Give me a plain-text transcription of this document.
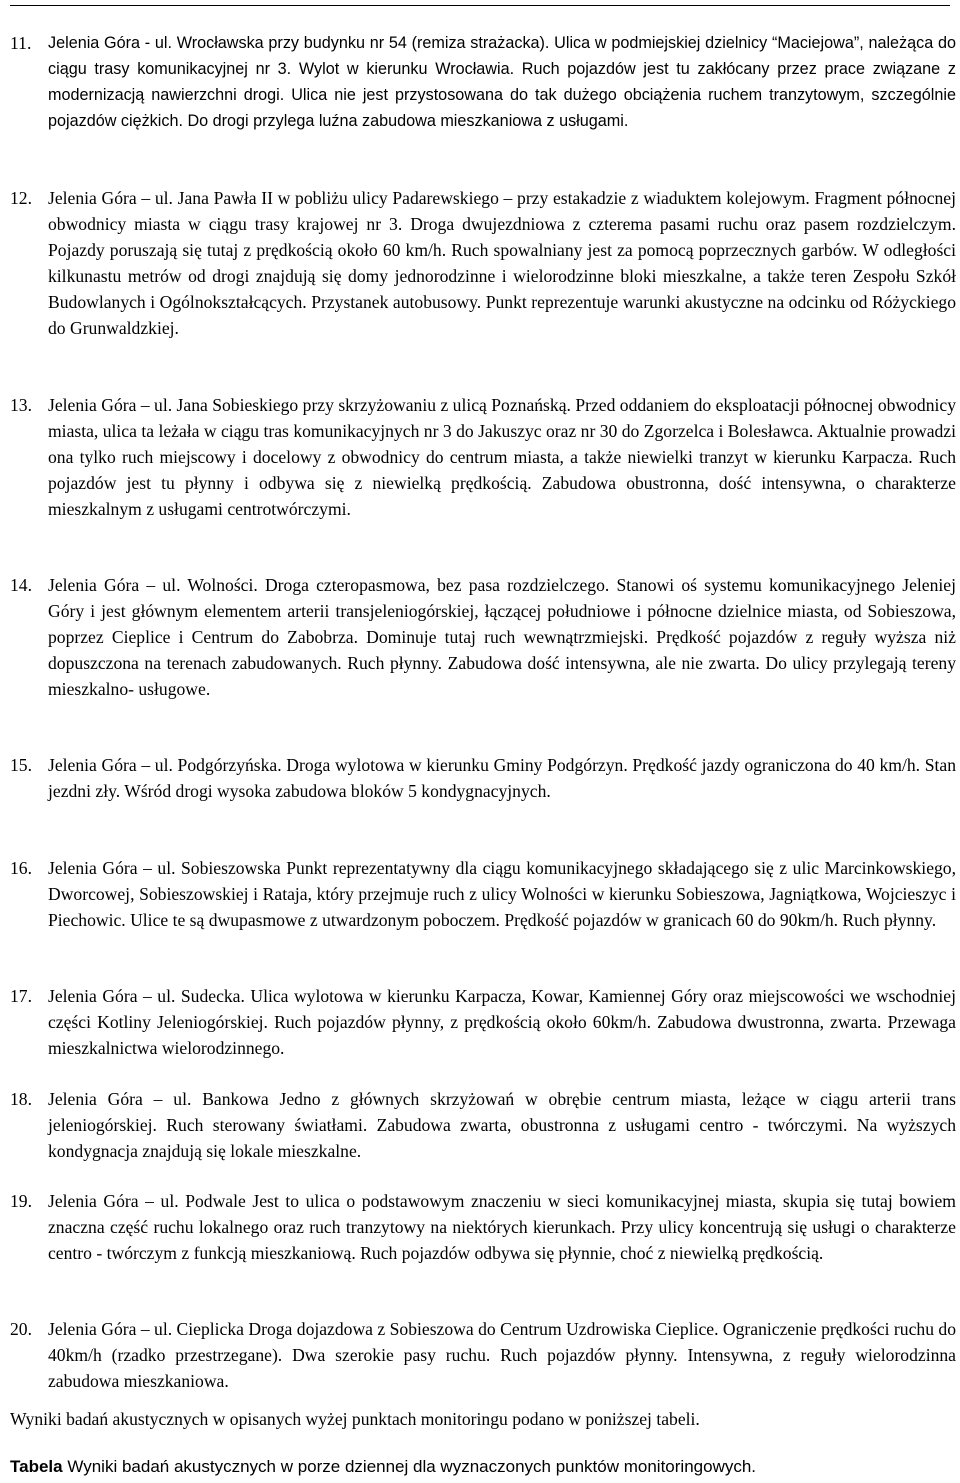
11.	Jelenia Góra - ul. Wrocławska przy budynku nr 54 (remiza strażacka). Ulica w podmiejskiej dzielnicy “Maciejowa”, należąca do ciągu trasy komunikacyjnej nr 3. Wylot w kierunku Wrocławia. Ruch pojazdów jest tu zakłócany przez prace związane z modernizacją nawierzchni drogi. Ulica nie jest przystosowana do tak dużego obciążenia ruchem tranzytowym, szczególnie pojazdów ciężkich. Do drogi przylega luźna zabudowa mieszkaniowa z usługami.
12. Jelenia Góra – ul. Jana Pawła II w pobliżu ulicy Padarewskiego – przy estakadzie z wiaduktem kolejowym. Fragment północnej obwodnicy miasta w ciągu trasy krajowej nr 3. Droga dwujezdniowa z czterema pasami ruchu oraz pasem rozdzielczym. Pojazdy poruszają się tutaj z prędkością około 60 km/h. Ruch spowalniany jest za pomocą poprzecznych garbów. W odległości kilkunastu metrów od drogi znajdują się domy jednorodzinne i wielorodzinne bloki mieszkalne, a także teren Zespołu Szkół Budowlanych i Ogólnokształcących. Przystanek autobusowy. Punkt reprezentuje warunki akustyczne na odcinku od Różyckiego do Grunwaldzkiej.
13. Jelenia Góra – ul. Jana Sobieskiego przy skrzyżowaniu z ulicą Poznańską. Przed oddaniem do eksploatacji północnej obwodnicy miasta, ulica ta leżała w ciągu tras komunikacyjnych nr 3 do Jakuszyc oraz nr 30 do Zgorzelca i Bolesławca. Aktualnie prowadzi ona tylko ruch miejscowy i docelowy z obwodnicy do centrum miasta, a także niewielki tranzyt w kierunku Karpacza. Ruch pojazdów jest tu płynny i odbywa się z niewielką prędkością. Zabudowa obustronna, dość intensywna, o charakterze mieszkalnym z usługami centrotwórczymi.
14. Jelenia Góra – ul. Wolności. Droga czteropasmowa, bez pasa rozdzielczego. Stanowi oś systemu komunikacyjnego Jeleniej Góry i jest głównym elementem arterii transjeleniogórskiej, łączącej południowe i północne dzielnice miasta, od Sobieszowa, poprzez Cieplice i Centrum do Zabobrza. Dominuje tutaj ruch wewnątrzmiejski. Prędkość pojazdów z reguły wyższa niż dopuszczona na terenach zabudowanych. Ruch płynny. Zabudowa dość intensywna, ale nie zwarta. Do ulicy przylegają tereny mieszkalno- usługowe.
15. Jelenia Góra – ul. Podgórzyńska. Droga wylotowa w kierunku Gminy Podgórzyn. Prędkość jazdy ograniczona do 40 km/h. Stan jezdni zły. Wśród drogi wysoka zabudowa bloków 5 kondygnacyjnych.
16. Jelenia Góra – ul. Sobieszowska Punkt reprezentatywny dla ciągu komunikacyjnego składającego się z ulic Marcinkowskiego, Dworcowej, Sobieszowskiej i Rataja, który przejmuje ruch z ulicy Wolności w kierunku Sobieszowa, Jagniątkowa, Wojcieszyc i Piechowic. Ulice te są dwupasmowe z utwardzonym poboczem. Prędkość pojazdów w granicach 60 do 90km/h. Ruch płynny.
17. Jelenia Góra – ul. Sudecka. Ulica wylotowa w kierunku Karpacza, Kowar, Kamiennej Góry oraz miejscowości we wschodniej części Kotliny Jeleniogórskiej. Ruch pojazdów płynny, z prędkością około 60km/h. Zabudowa dwustronna, zwarta. Przewaga mieszkalnictwa wielorodzinnego.
18. Jelenia Góra – ul. Bankowa Jedno z głównych skrzyżowań w obrębie centrum miasta, leżące w ciągu arterii trans jeleniogórskiej. Ruch sterowany światłami. Zabudowa zwarta, obustronna z usługami centro - twórczymi. Na wyższych kondygnacja znajdują się lokale mieszkalne.
19. Jelenia Góra – ul. Podwale Jest to ulica o podstawowym znaczeniu w sieci komunikacyjnej miasta, skupia się tutaj bowiem znaczna część ruchu lokalnego oraz ruch tranzytowy na niektórych kierunkach. Przy ulicy koncentrują się usługi o charakterze centro - twórczym z funkcją mieszkaniową. Ruch pojazdów odbywa się płynnie, choć z niewielką prędkością.
20. Jelenia Góra – ul. Cieplicka Droga dojazdowa z Sobieszowa do Centrum Uzdrowiska Cieplice. Ograniczenie prędkości ruchu do 40km/h (rzadko przestrzegane). Dwa szerokie pasy ruchu. Ruch pojazdów płynny. Intensywna, z reguły wielorodzinna zabudowa mieszkaniowa.
Wyniki badań akustycznych w opisanych wyżej punktach monitoringu podano w poniższej tabeli.
Tabela Wyniki badań akustycznych w porze dziennej dla wyznaczonych punktów monitoringowych.
